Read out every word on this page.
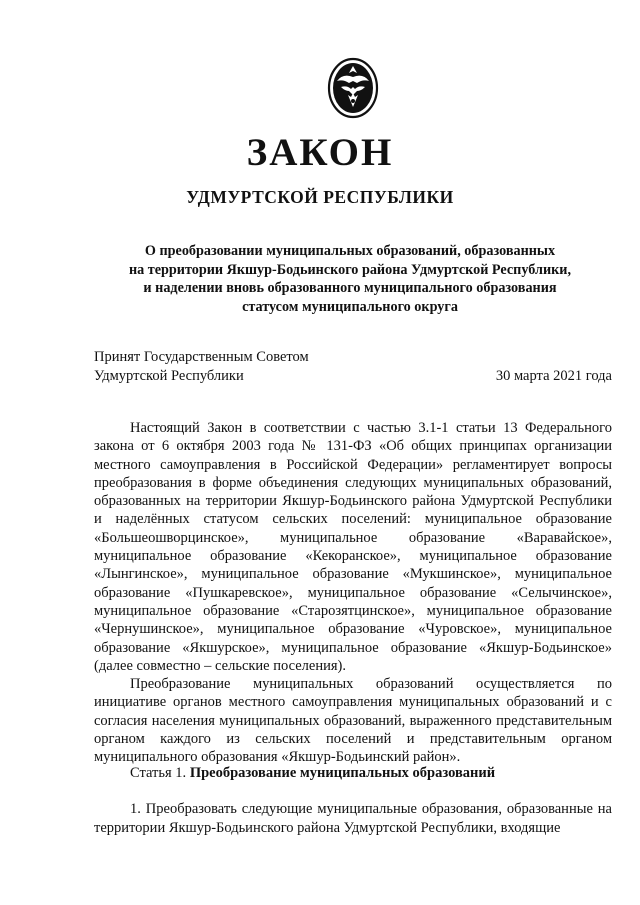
ЗАКОН
УДМУРТСКОЙ РЕСПУБЛИКИ
О преобразовании муниципальных образований, образованных
на территории Якшур-Бодьинского района Удмуртской Республики,
и наделении вновь образованного муниципального образования
статусом муниципального округа
Принят Государственным Советом
Удмуртской Республики	30 марта 2021 года

Настоящий Закон в соответствии с частью 3.1-1 статьи 13 Федерального закона от 6 октября 2003 года № 131-ФЗ «Об общих принципах организации местного самоуправления в Российской Федерации» регламентирует вопросы преобразования в форме объединения следующих муниципальных образований, образованных на территории Якшур-Бодьинского района Удмуртской Республики и наделённых статусом сельских поселений: муниципальное образование «Большеошворцинское», муниципальное образование «Варавайское», муниципальное образование «Кекоранское», муниципальное образование «Лынгинское», муниципальное образование «Мукшинское», муниципальное образование «Пушкаревское», муниципальное образование «Селычинское», муниципальное образование «Старозятцинское», муниципальное образование «Чернушинское», муниципальное образование «Чуровское», муниципальное образование «Якшурское», муниципальное образование «Якшур-Бодьинское» (далее совместно – сельские поселения).

Преобразование муниципальных образований осуществляется по инициативе органов местного самоуправления муниципальных образований и с согласия населения муниципальных образований, выраженного представительным органом каждого из сельских поселений и представительным органом муниципального образования «Якшур-Бодьинский район».

Статья 1. Преобразование муниципальных образований

1. Преобразовать следующие муниципальные образования, образованные на территории Якшур-Бодьинского района Удмуртской Республики, входящие
